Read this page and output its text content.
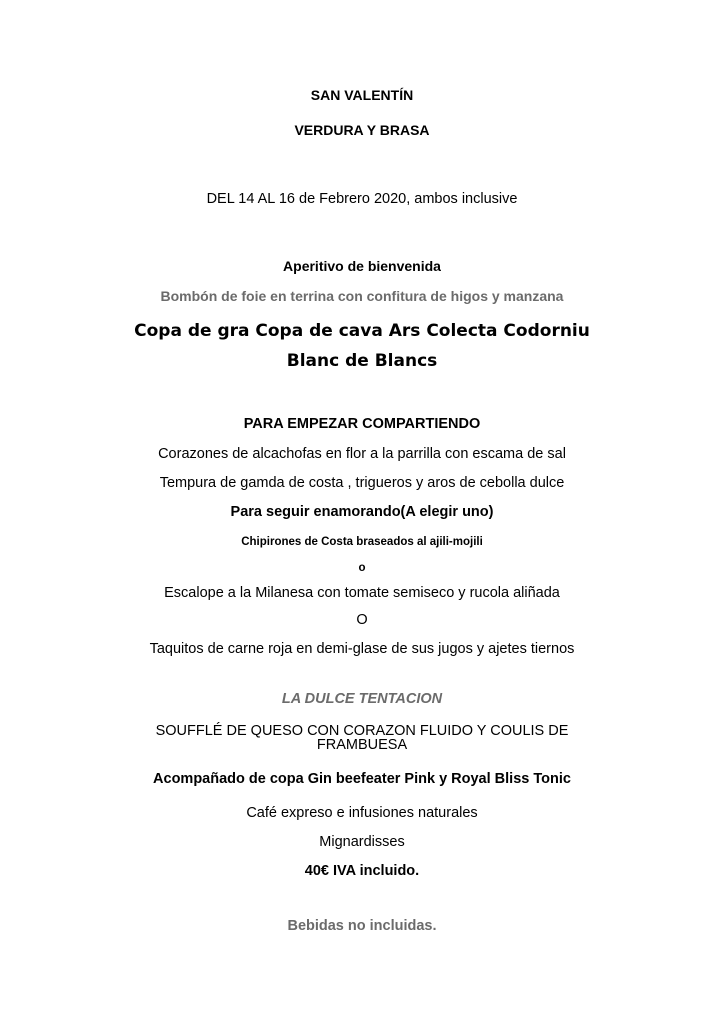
SAN VALENTÍN
VERDURA Y BRASA
DEL 14 AL 16 de Febrero 2020, ambos inclusive
Aperitivo de bienvenida
Bombón de foie en terrina con confitura de higos y manzana
Copa de gra Copa de cava Ars Colecta Codorniu
Blanc de Blancs
PARA EMPEZAR COMPARTIENDO
Corazones de alcachofas en flor a la parrilla con escama de sal
Tempura de gamda de costa , trigueros y aros de cebolla dulce
Para seguir enamorando(A elegir uno)
Chipirones de Costa braseados al ajili-mojili
o
Escalope a la Milanesa con tomate semiseco y rucola aliñada
O
Taquitos de carne roja en demi-glase de sus jugos y ajetes tiernos
LA DULCE TENTACION
SOUFFLÉ DE QUESO CON CORAZON FLUIDO Y COULIS DE
FRAMBUESA
Acompañado de copa Gin beefeater Pink y Royal Bliss Tonic
Café expreso e infusiones naturales
Mignardisses
40€ IVA incluido.
Bebidas no incluidas.
